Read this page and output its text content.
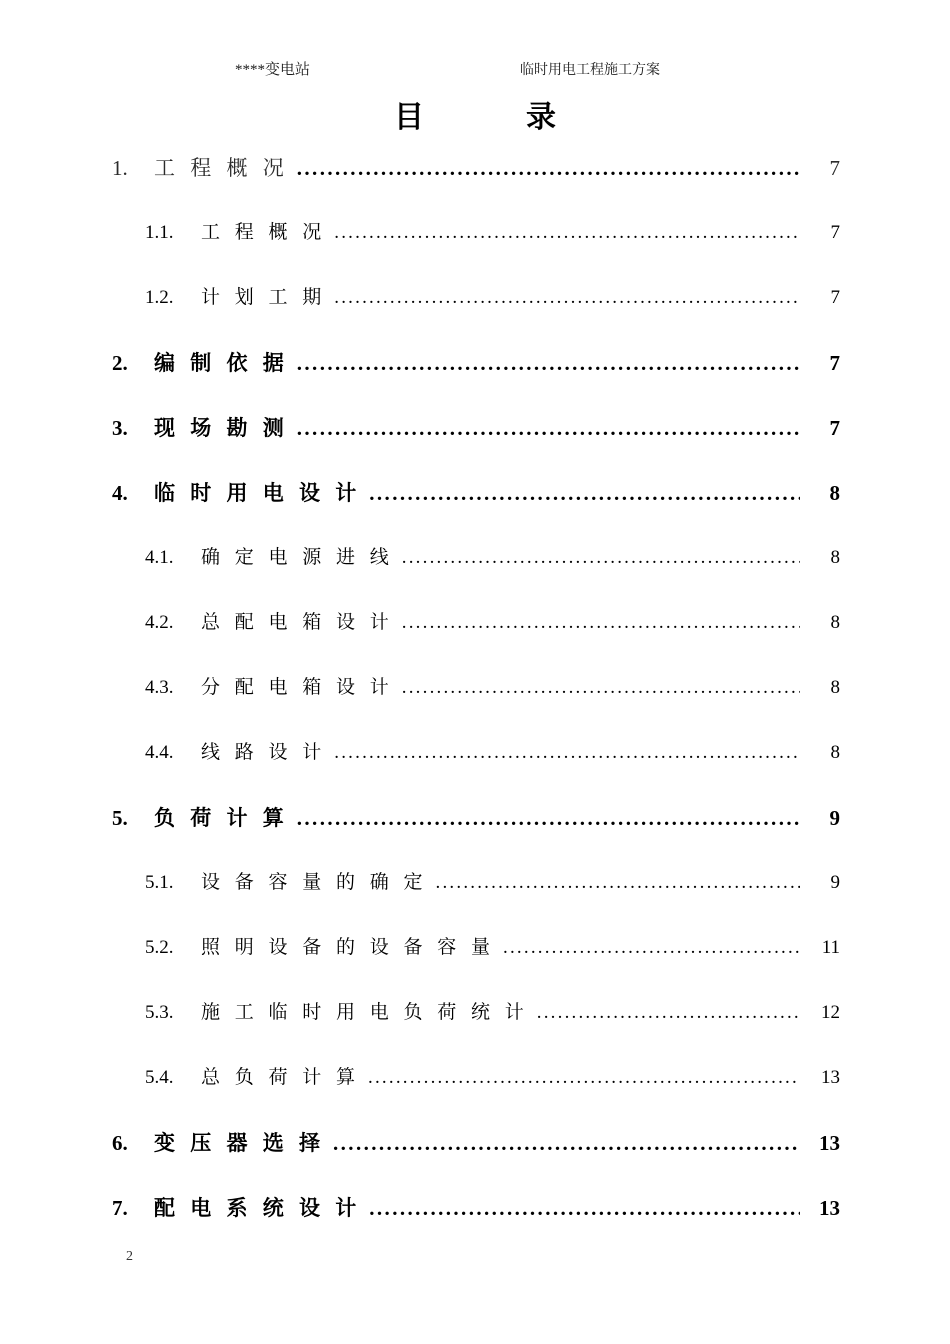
****变电站	临时用电工程施工方案
目　　录
1.	工 程 概 况 .....	7
1.1.	工 程 概 况 .....	7
1.2.	计 划 工 期 .....	7
2.	编 制 依 据 .....	7
3.	现 场 勘 测 .....	7
4.	临 时 用 电 设 计 .....	8
4.1.	确 定 电 源 进 线 .....	8
4.2.	总 配 电 箱 设 计 .....	8
4.3.	分 配 电 箱 设 计 .....	8
4.4.	线 路 设 计 .....	8
5.	负 荷 计 算 .....	9
5.1.	设 备 容 量 的 确 定 .....	9
5.2.	照 明 设 备 的 设 备 容 量 .....	11
5.3.	施 工 临 时 用 电 负 荷 统 计 .....	12
5.4.	总 负 荷 计 算 .....	13
6.	变 压 器 选 择 .....	13
7.	配 电 系 统 设 计 .....	13
2
